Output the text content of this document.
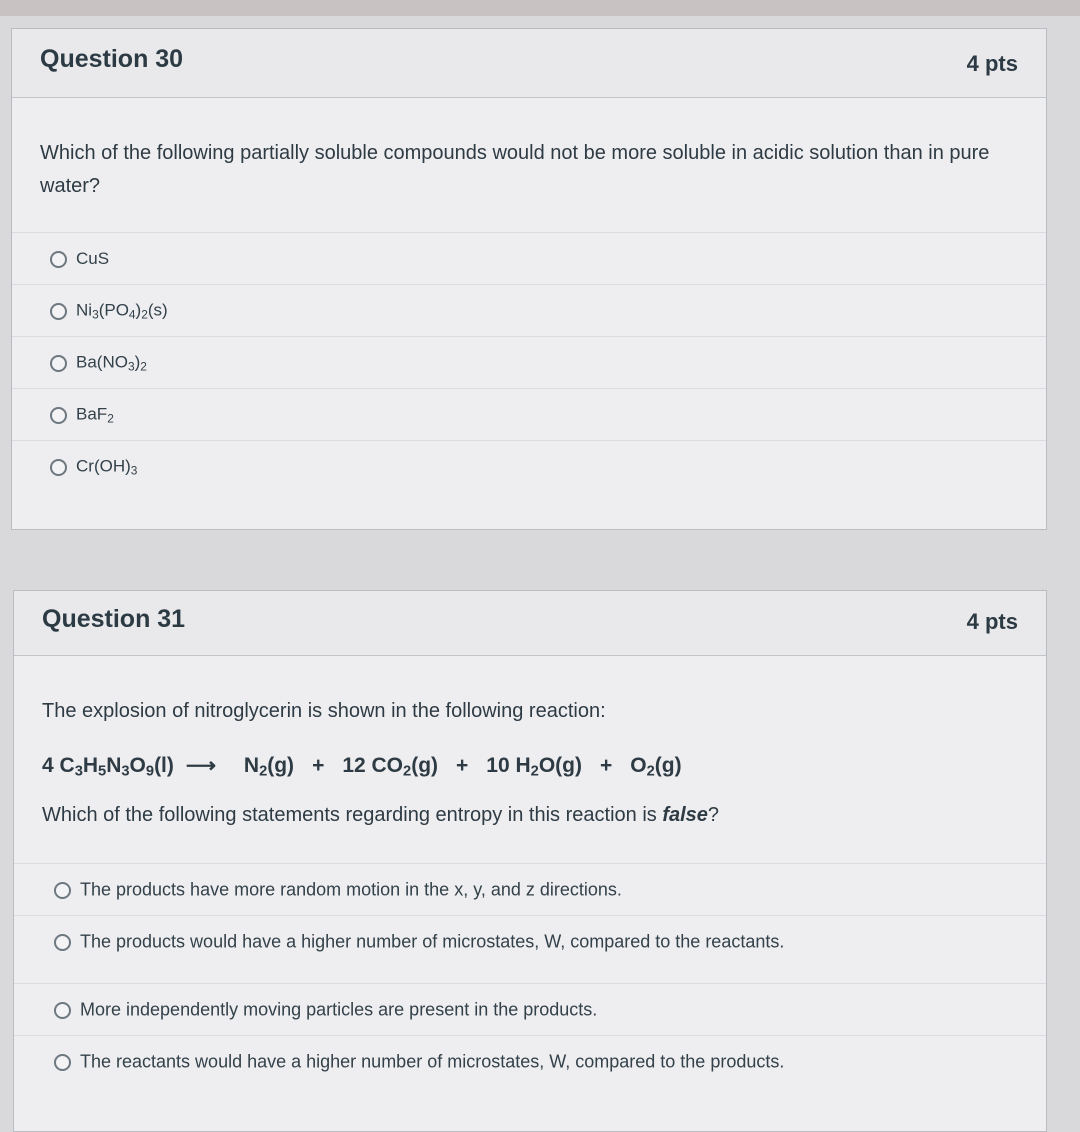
Question 30	4 pts
Which of the following partially soluble compounds would not be more soluble in acidic solution than in pure water?
CuS
$Ni_3(PO_4)_2(s)$
$Ba(NO_3)_2$
BaF$_2$
$Cr(OH)_3$
Question 31	4 pts
The explosion of nitroglycerin is shown in the following reaction:
4 $C_3H_5N_3O_9(l)$ ⟶ $N_2(g) + 12$ $CO_2(g) + 10$ $H_2O(g) + O_2(g)$
Which of the following statements regarding entropy in this reaction is false?
The products have more random motion in the x, y, and z directions.
The products would have a higher number of microstates, W, compared to the reactants.
More independently moving particles are present in the products.
The reactants would have a higher number of microstates, W, compared to the products.
